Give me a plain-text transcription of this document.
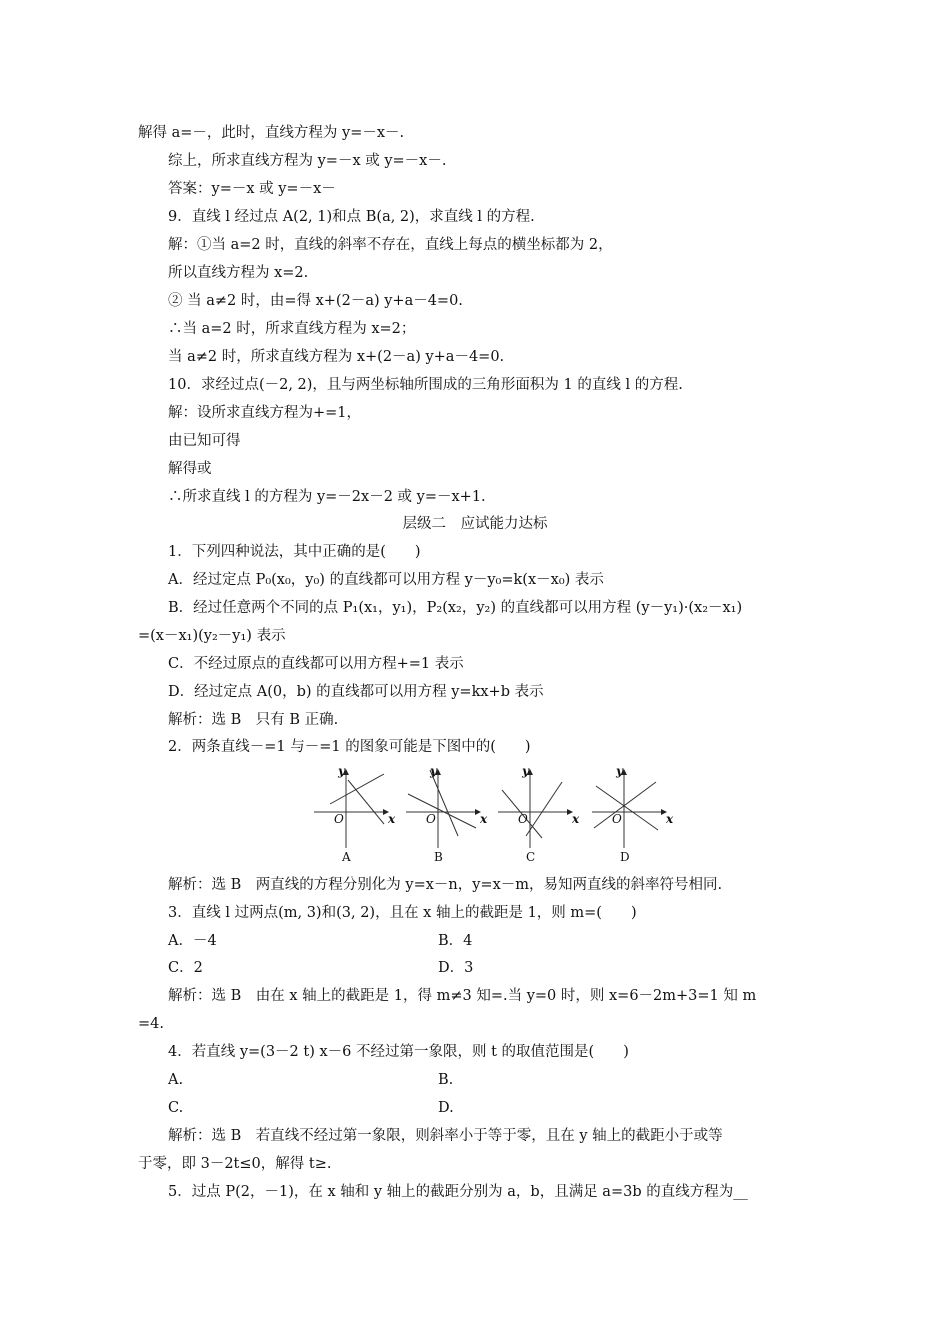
解得 a=－，此时，直线方程为 y=－x－.
综上，所求直线方程为 y=－x 或 y=－x－.
答案：y=－x 或 y=－x－
9．直线 l 经过点 A(2, 1)和点 B(a, 2)，求直线 l 的方程.
解：①当 a=2 时，直线的斜率不存在，直线上每点的横坐标都为 2，
所以直线方程为 x=2.
② 当 a≠2 时，由=得 x+(2－a) y+a－4=0.
∴当 a=2 时，所求直线方程为 x=2；
当 a≠2 时，所求直线方程为 x+(2－a) y+a－4=0.
10．求经过点(－2, 2)，且与两坐标轴所围成的三角形面积为 1 的直线 l 的方程.
解：设所求直线方程为+=1，
由已知可得
解得或
∴所求直线 l 的方程为 y=－2x－2 或 y=－x+1.
层级二　应试能力达标
1．下列四种说法，其中正确的是(　　)
A．经过定点 P₀(x₀，y₀) 的直线都可以用方程 y－y₀=k(x－x₀) 表示
B．经过任意两个不同的点 P₁(x₁，y₁)，P₂(x₂，y₂) 的直线都可以用方程 (y－y₁)·(x₂－x₁)
=(x－x₁)(y₂－y₁) 表示
C．不经过原点的直线都可以用方程+=1 表示
D．经过定点 A(0，b) 的直线都可以用方程 y=kx+b 表示
解析：选 B　只有 B 正确.
2．两条直线－=1 与－=1 的图象可能是下图中的(　　)
y
x
O
y
x
O
y
x
O
y
x
O
A	B	C	D
解析：选 B　两直线的方程分别化为 y=x－n，y=x－m，易知两直线的斜率符号相同.
3．直线 l 过两点(m, 3)和(3, 2)，且在 x 轴上的截距是 1，则 m=(　　)
A．－4	B．4
C．2	D．3
解析：选 B　由在 x 轴上的截距是 1，得 m≠3 知=.当 y=0 时，则 x=6－2m+3=1 知 m
=4.
4．若直线 y=(3－2 t) x－6 不经过第一象限，则 t 的取值范围是(　　)
A.	B.
C.	D.
解析：选 B　若直线不经过第一象限，则斜率小于等于零，且在 y 轴上的截距小于或等
于零，即 3－2t≤0，解得 t≥.
5．过点 P(2，－1)，在 x 轴和 y 轴上的截距分别为 a，b，且满足 a=3b 的直线方程为__
